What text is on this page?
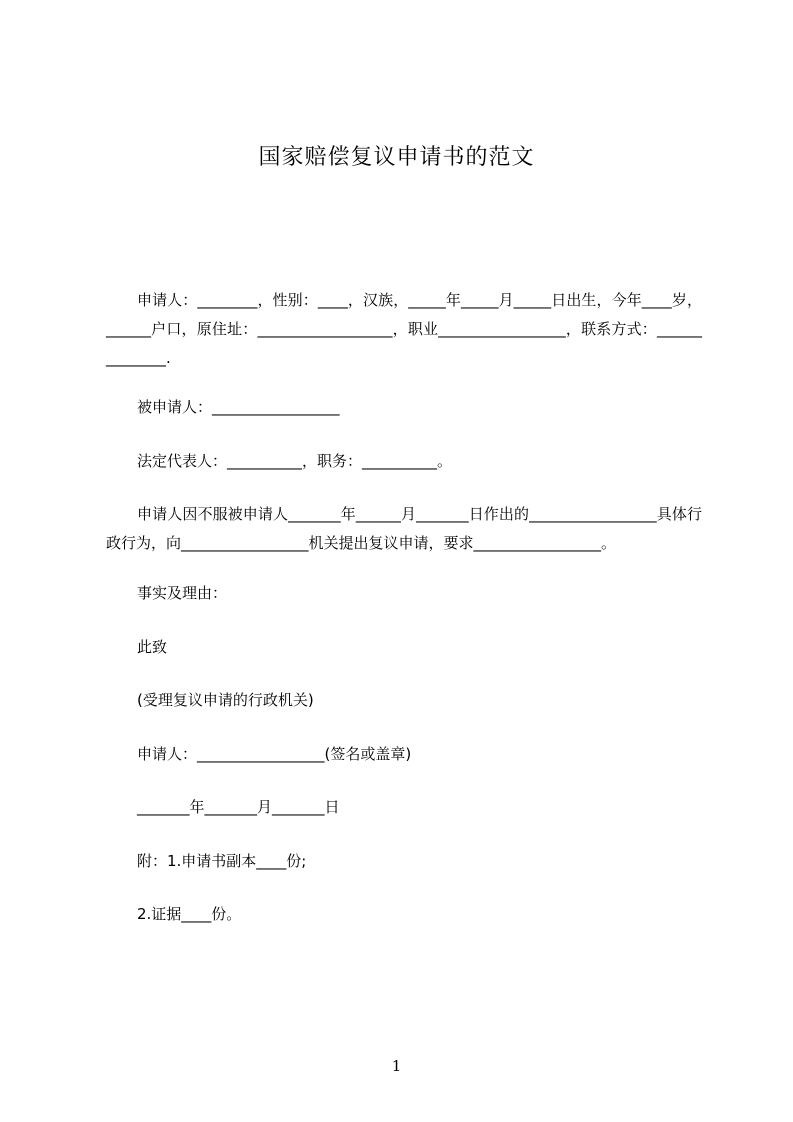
国家赔偿复议申请书的范文
申请人：________，性别：____，汉族，_____年_____月_____日出生，今年____岁，______户口，原住址：__________________，职业_________________，联系方式：______________.
被申请人：_________________
法定代表人：__________，职务：__________。
申请人因不服被申请人_______年______月_______日作出的_________________具体行政行为，向_________________机关提出复议申请，要求_________________。
事实及理由：
此致
(受理复议申请的行政机关)
申请人：_________________(签名或盖章)
_______年_______月_______日
附：1.申请书副本____份;
2.证据____份。
1
